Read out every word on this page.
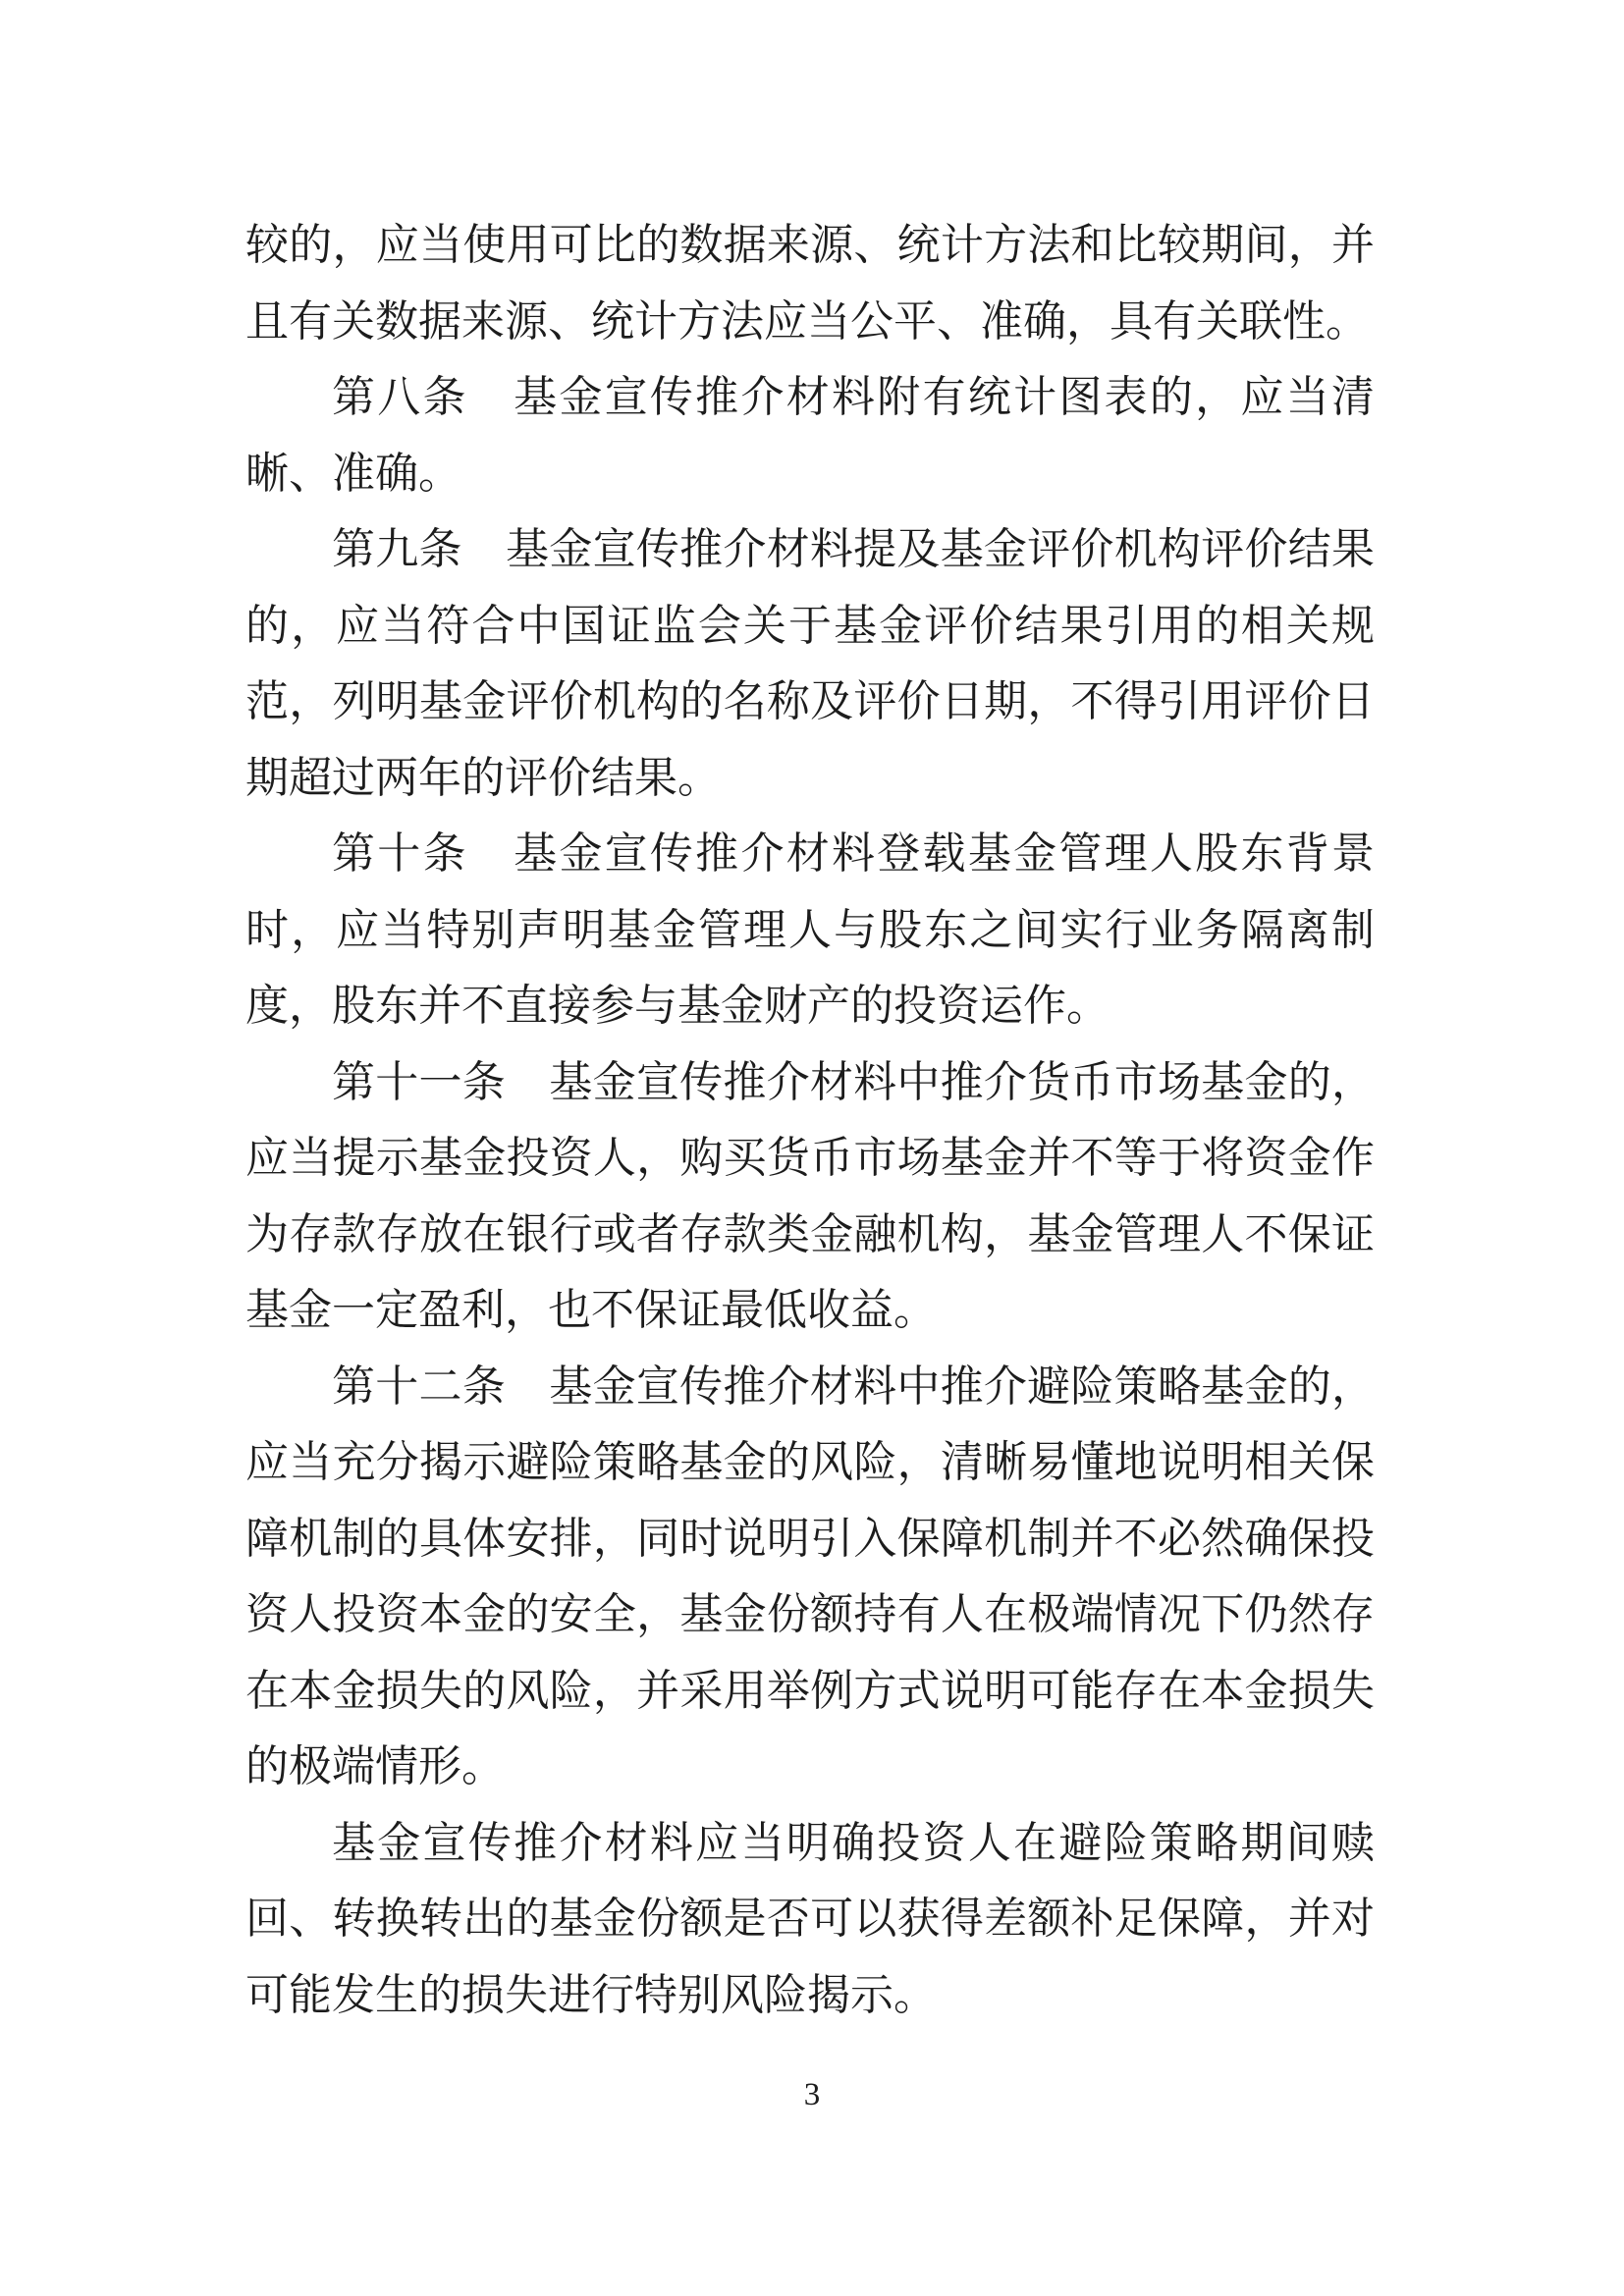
较的，应当使用可比的数据来源、统计方法和比较期间，并且有关数据来源、统计方法应当公平、准确，具有关联性。

第八条　基金宣传推介材料附有统计图表的，应当清晰、准确。

第九条　基金宣传推介材料提及基金评价机构评价结果的，应当符合中国证监会关于基金评价结果引用的相关规范，列明基金评价机构的名称及评价日期，不得引用评价日期超过两年的评价结果。

第十条　基金宣传推介材料登载基金管理人股东背景时，应当特别声明基金管理人与股东之间实行业务隔离制度，股东并不直接参与基金财产的投资运作。

第十一条　基金宣传推介材料中推介货币市场基金的，应当提示基金投资人，购买货币市场基金并不等于将资金作为存款存放在银行或者存款类金融机构，基金管理人不保证基金一定盈利，也不保证最低收益。

第十二条　基金宣传推介材料中推介避险策略基金的，应当充分揭示避险策略基金的风险，清晰易懂地说明相关保障机制的具体安排，同时说明引入保障机制并不必然确保投资人投资本金的安全，基金份额持有人在极端情况下仍然存在本金损失的风险，并采用举例方式说明可能存在本金损失的极端情形。

基金宣传推介材料应当明确投资人在避险策略期间赎回、转换转出的基金份额是否可以获得差额补足保障，并对可能发生的损失进行特别风险揭示。

3
